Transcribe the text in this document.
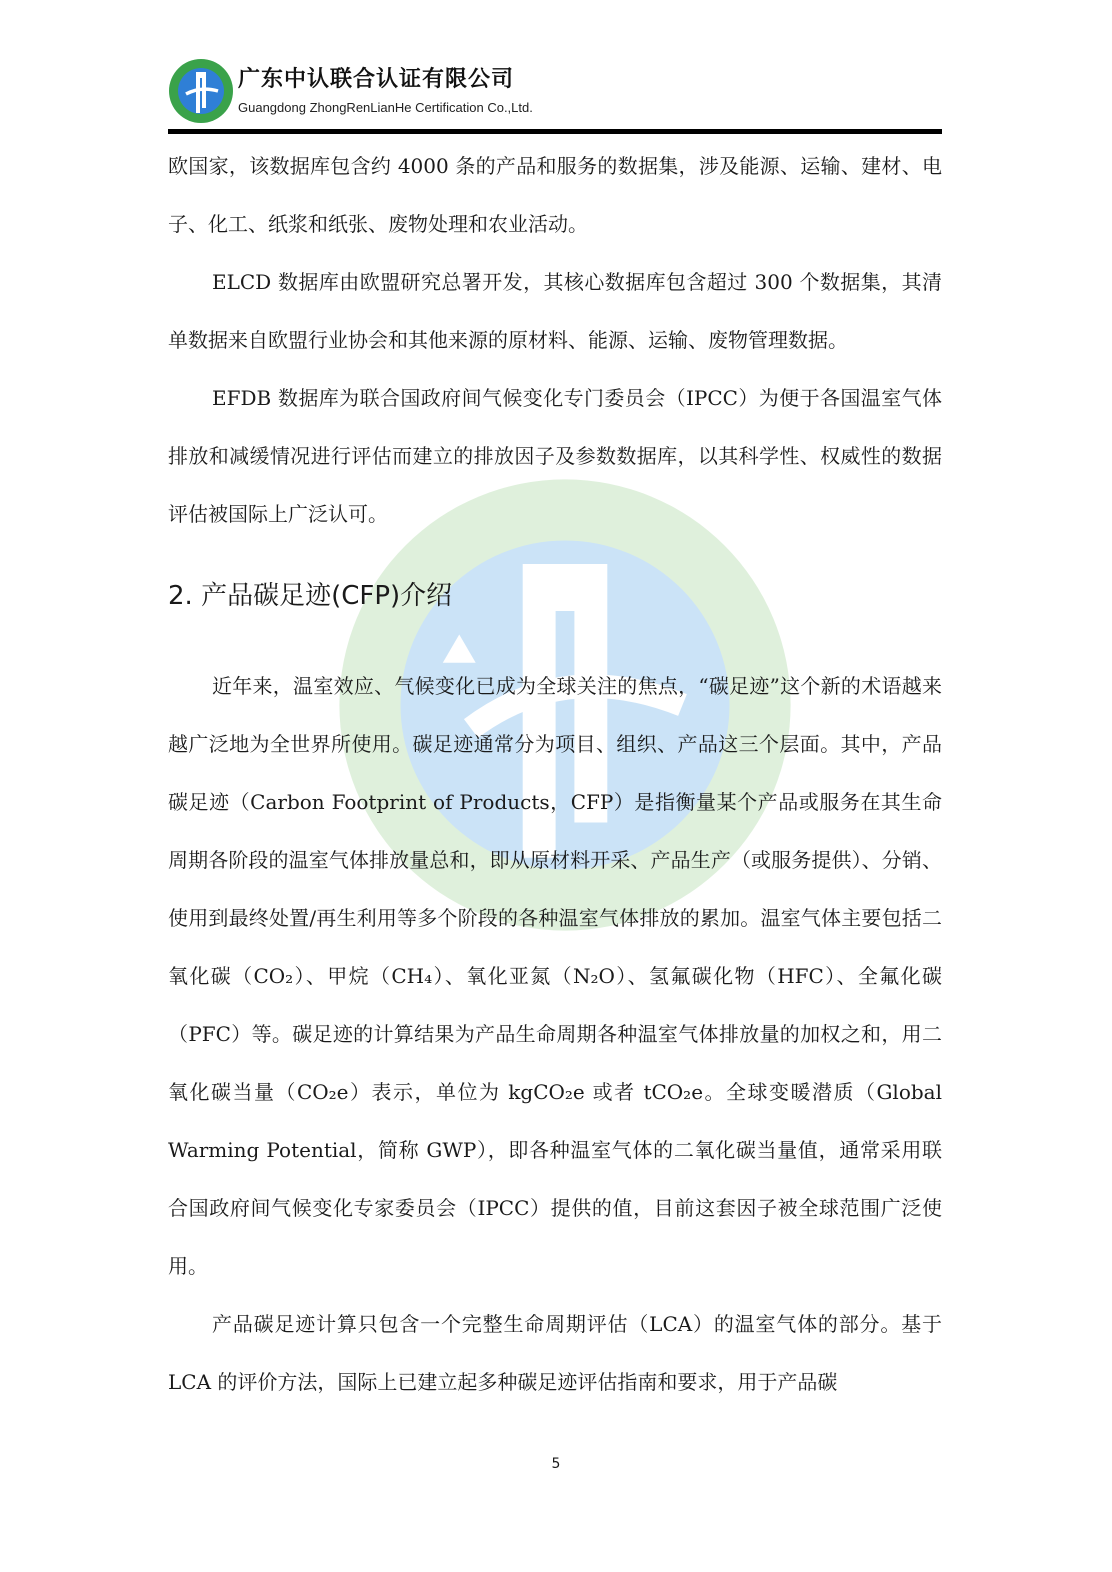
广东中认联合认证有限公司
Guangdong ZhongRenLianHe Certification Co.,Ltd.

欧国家，该数据库包含约 4000 条的产品和服务的数据集，涉及能源、运输、建材、电子、化工、纸浆和纸张、废物处理和农业活动。

ELCD 数据库由欧盟研究总署开发，其核心数据库包含超过 300 个数据集，其清单数据来自欧盟行业协会和其他来源的原材料、能源、运输、废物管理数据。

EFDB 数据库为联合国政府间气候变化专门委员会（IPCC）为便于各国温室气体排放和减缓情况进行评估而建立的排放因子及参数数据库，以其科学性、权威性的数据评估被国际上广泛认可。

2. 产品碳足迹(CFP)介绍

近年来，温室效应、气候变化已成为全球关注的焦点，“碳足迹”这个新的术语越来越广泛地为全世界所使用。碳足迹通常分为项目、组织、产品这三个层面。其中，产品碳足迹（Carbon Footprint of Products，CFP）是指衡量某个产品或服务在其生命周期各阶段的温室气体排放量总和，即从原材料开采、产品生产（或服务提供）、分销、使用到最终处置/再生利用等多个阶段的各种温室气体排放的累加。温室气体主要包括二氧化碳（CO₂）、甲烷（CH₄）、氧化亚氮（N₂O）、氢氟碳化物（HFC）、全氟化碳（PFC）等。碳足迹的计算结果为产品生命周期各种温室气体排放量的加权之和，用二氧化碳当量（CO₂e）表示，单位为 kgCO₂e 或者 tCO₂e。全球变暖潜质（Global Warming Potential，简称 GWP），即各种温室气体的二氧化碳当量值，通常采用联合国政府间气候变化专家委员会（IPCC）提供的值，目前这套因子被全球范围广泛使用。

产品碳足迹计算只包含一个完整生命周期评估（LCA）的温室气体的部分。基于 LCA 的评价方法，国际上已建立起多种碳足迹评估指南和要求，用于产品碳

5
